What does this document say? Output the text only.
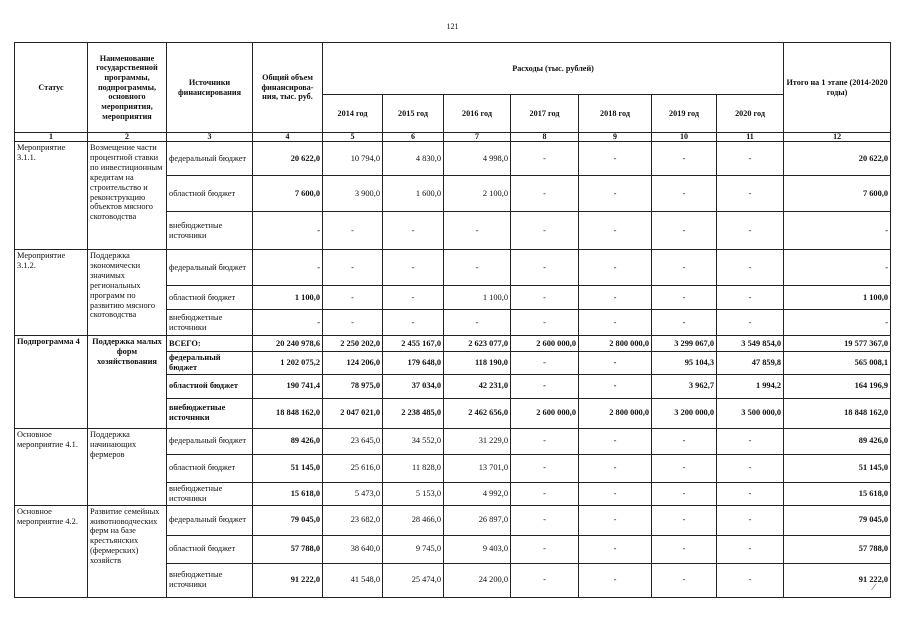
121
Статус	Наименование государственной программы, подпрограммы, основного мероприятия, мероприятия	Источники финансирования	Общий объем финансирова-ния, тыс. руб.	Расходы (тыс. рублей)							Итого на 1 этапе (2014-2020 годы)
				2014 год	2015 год	2016 год	2017 год	2018 год	2019 год	2020 год	
1	2	3	4	5	6	7	8	9	10	11	12
Мероприятие 3.1.1.	Возмещение части процентной ставки по инвестиционным кредитам на строительство и реконструкцию объектов мясного скотоводства	федеральный бюджет	20 622,0	10 794,0	4 830,0	4 998,0	-	-	-	-	20 622,0
		областной бюджет	7 600,0	3 900,0	1 600,0	2 100,0	-	-	-	-	7 600,0
		внебюджетные источники	-	-	-	-	-	-	-	-	-
Мероприятие 3.1.2.	Поддержка экономически значимых региональных программ по развитию мясного скотоводства	федеральный бюджет	-	-	-	-	-	-	-	-	-
		областной бюджет	1 100,0	-	-	1 100,0	-	-	-	-	1 100,0
		внебюджетные источники	-	-	-	-	-	-	-	-	-
Подпрограмма 4	Поддержка малых форм хозяйствования	ВСЕГО:	20 240 978,6	2 250 202,0	2 455 167,0	2 623 077,0	2 600 000,0	2 800 000,0	3 299 067,0	3 549 854,0	19 577 367,0
		федеральный бюджет	1 202 075,2	124 206,0	179 648,0	118 190,0	-	-	95 104,3	47 859,8	565 008,1
		областной бюджет	190 741,4	78 975,0	37 034,0	42 231,0	-	-	3 962,7	1 994,2	164 196,9
		внебюджетные источники	18 848 162,0	2 047 021,0	2 238 485,0	2 462 656,0	2 600 000,0	2 800 000,0	3 200 000,0	3 500 000,0	18 848 162,0
Основное мероприятие 4.1.	Поддержка начинающих фермеров	федеральный бюджет	89 426,0	23 645,0	34 552,0	31 229,0	-	-	-	-	89 426,0
		областной бюджет	51 145,0	25 616,0	11 828,0	13 701,0	-	-	-	-	51 145,0
		внебюджетные источники	15 618,0	5 473,0	5 153,0	4 992,0	-	-	-	-	15 618,0
Основное мероприятие 4.2.	Развитие семейных животноводческих ферм на базе крестьянских (фермерских) хозяйств	федеральный бюджет	79 045,0	23 682,0	28 466,0	26 897,0	-	-	-	-	79 045,0
		областной бюджет	57 788,0	38 640,0	9 745,0	9 403,0	-	-	-	-	57 788,0
		внебюджетные источники	91 222,0	41 548,0	25 474,0	24 200,0	-	-	-	-	91 222,0
∕
